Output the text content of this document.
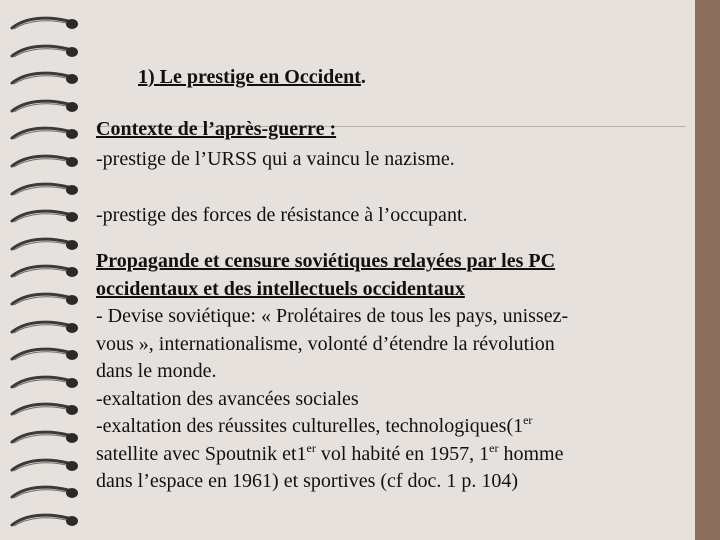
1) Le prestige en Occident.
Contexte de l’après-guerre :
-prestige de l’URSS qui a vaincu le nazisme.
-prestige des forces de résistance à l’occupant.
Propagande et censure soviétiques relayées par les PC
occidentaux et des intellectuels occidentaux
- Devise soviétique: « Prolétaires de tous les pays, unissez-
vous », internationalisme, volonté d’étendre la révolution
dans le monde.
-exaltation des avancées sociales
-exaltation des réussites culturelles, technologiques(1er
satellite avec Spoutnik et1er vol habité en 1957, 1er homme
dans l’espace en 1961) et sportives (cf doc. 1 p. 104)
